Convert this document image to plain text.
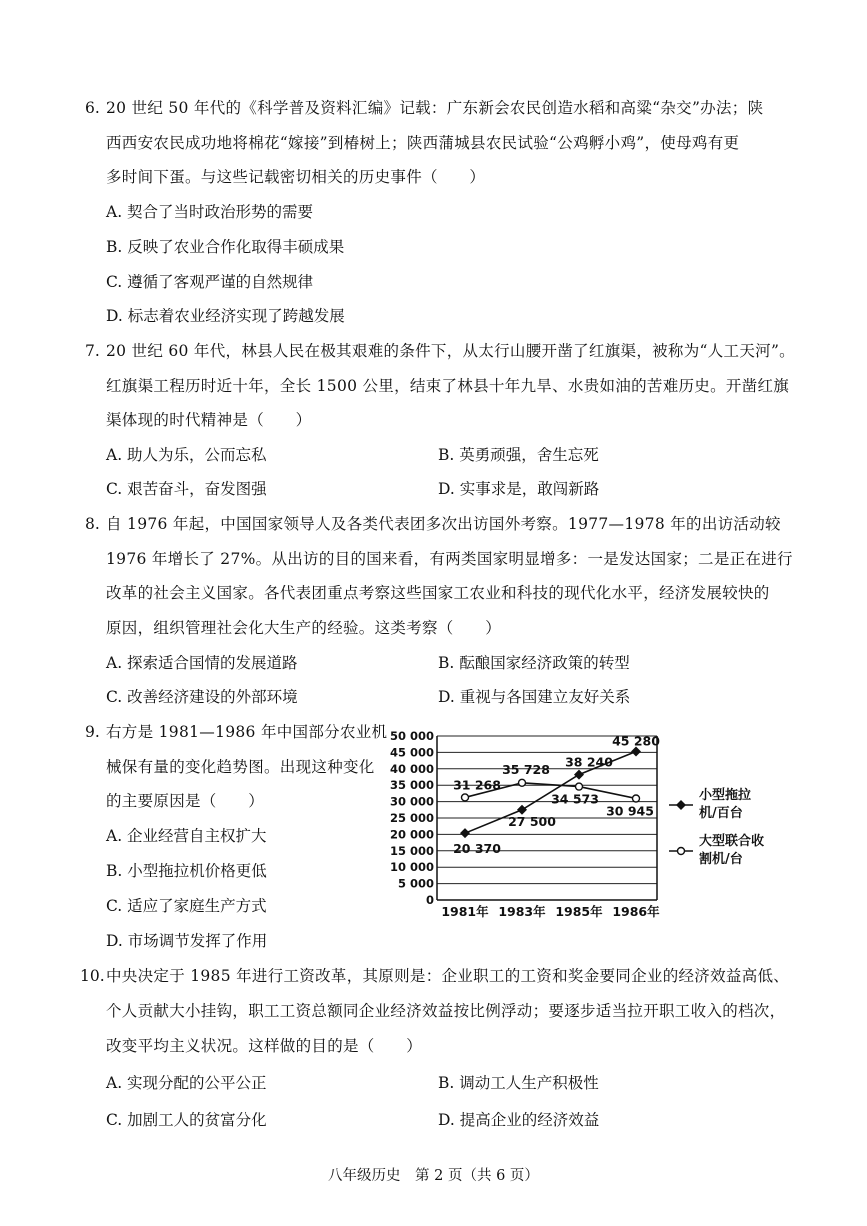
6. 20 世纪 50 年代的《科学普及资料汇编》记载：广东新会农民创造水稻和高粱“杂交”办法；陕
西西安农民成功地将棉花“嫁接”到椿树上；陕西蒲城县农民试验“公鸡孵小鸡”，使母鸡有更
多时间下蛋。与这些记载密切相关的历史事件（　　）
A. 契合了当时政治形势的需要
B. 反映了农业合作化取得丰硕成果
C. 遵循了客观严谨的自然规律
D. 标志着农业经济实现了跨越发展
7. 20 世纪 60 年代，林县人民在极其艰难的条件下，从太行山腰开凿了红旗渠，被称为“人工天河”。
红旗渠工程历时近十年，全长 1500 公里，结束了林县十年九旱、水贵如油的苦难历史。开凿红旗
渠体现的时代精神是（　　）
A. 助人为乐，公而忘私	B. 英勇顽强，舍生忘死
C. 艰苦奋斗，奋发图强	D. 实事求是，敢闯新路
8. 自 1976 年起，中国国家领导人及各类代表团多次出访国外考察。1977—1978 年的出访活动较
1976 年增长了 27%。从出访的目的国来看，有两类国家明显增多：一是发达国家；二是正在进行
改革的社会主义国家。各代表团重点考察这些国家工农业和科技的现代化水平，经济发展较快的
原因，组织管理社会化大生产的经验。这类考察（　　）
A. 探索适合国情的发展道路	B. 酝酿国家经济政策的转型
C. 改善经济建设的外部环境	D. 重视与各国建立友好关系
9. 右方是 1981—1986 年中国部分农业机
械保有量的变化趋势图。出现这种变化
的主要原因是（　　）
A. 企业经营自主权扩大
B. 小型拖拉机价格更低
C. 适应了家庭生产方式
D. 市场调节发挥了作用
0
5 000
10 000
15 000
20 000
25 000
30 000
35 000
40 000
45 000
50 000
1981年 1983年 1985年 1986年
20 370
27 500
38 240
45 280
31 268
35 728
34 573
30 945
小型拖拉
机/百台
大型联合收
割机/台
10. 中央决定于 1985 年进行工资改革，其原则是：企业职工的工资和奖金要同企业的经济效益高低、
个人贡献大小挂钩，职工工资总额同企业经济效益按比例浮动；要逐步适当拉开职工收入的档次，
改变平均主义状况。这样做的目的是（　　）
A. 实现分配的公平公正	B. 调动工人生产积极性
C. 加剧工人的贫富分化	D. 提高企业的经济效益
八年级历史　第 2 页（共 6 页）
